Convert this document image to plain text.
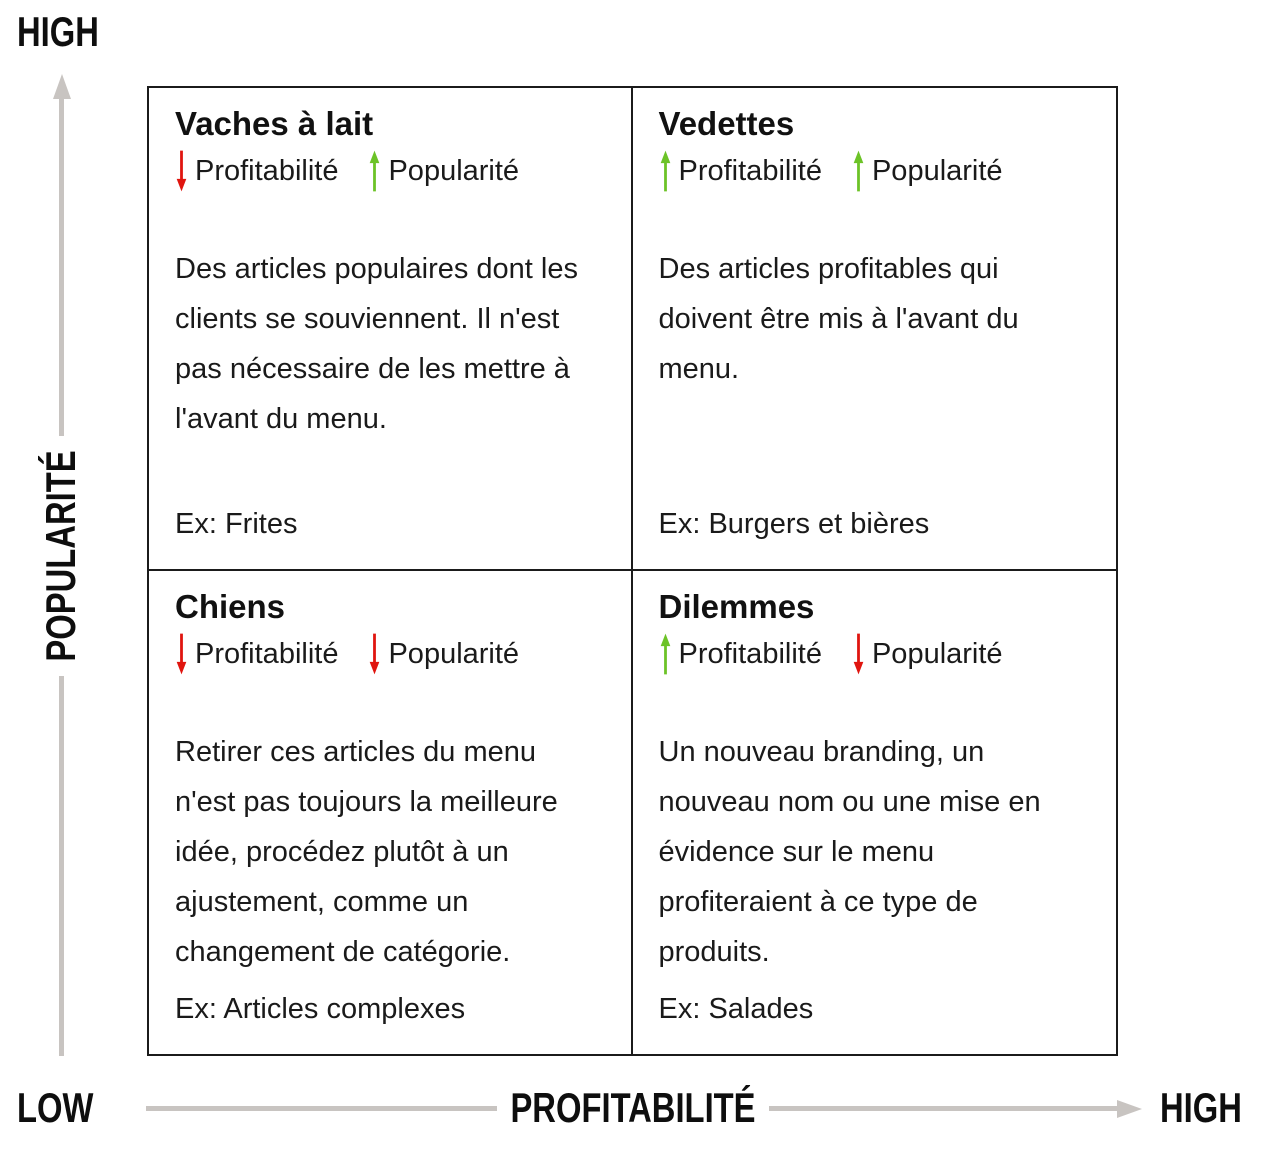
HIGH
POPULARITÉ
Vaches à lait
Profitabilité Popularité

Des articles populaires dont les clients se souviennent. Il n'est pas nécessaire de les mettre à l'avant du menu.

Ex: Frites

Vedettes
Profitabilité Popularité

Des articles profitables qui doivent être mis à l'avant du menu.

Ex: Burgers et bières

Chiens
Profitabilité Popularité

Retirer ces articles du menu n'est pas toujours la meilleure idée, procédez plutôt à un ajustement, comme un changement de catégorie.

Ex: Articles complexes

Dilemmes
Profitabilité Popularité

Un nouveau branding, un nouveau nom ou une mise en évidence sur le menu profiteraient à ce type de produits.

Ex: Salades

LOW	PROFITABILITÉ	HIGH
